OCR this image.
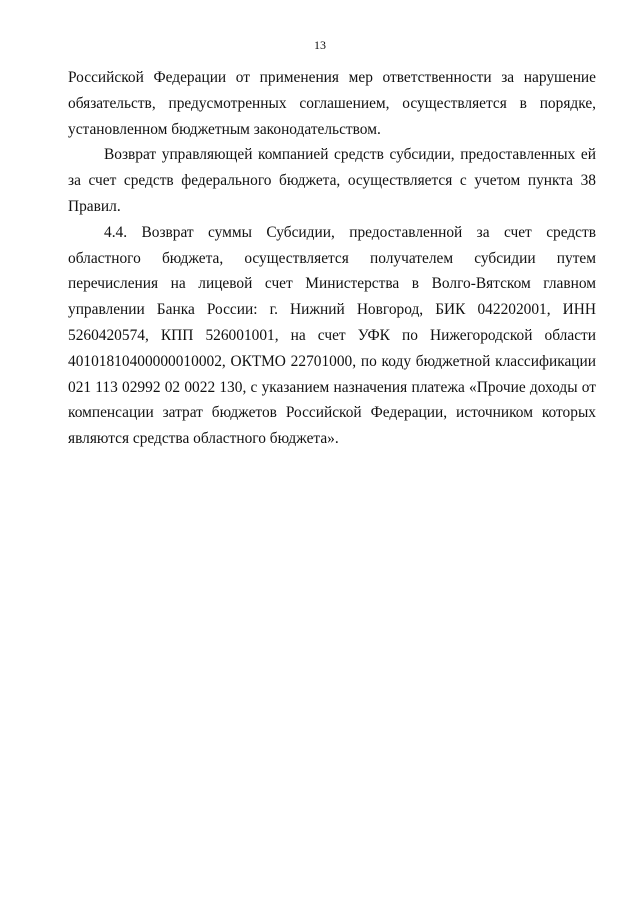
13

Российской Федерации от применения мер ответственности за нарушение обязательств, предусмотренных соглашением, осуществляется в порядке, установленном бюджетным законодательством.

Возврат управляющей компанией средств субсидии, предоставленных ей за счет средств федерального бюджета, осуществляется с учетом пункта 38 Правил.

4.4. Возврат суммы Субсидии, предоставленной за счет средств областного бюджета, осуществляется получателем субсидии путем перечисления на лицевой счет Министерства в Волго-Вятском главном управлении Банка России: г. Нижний Новгород, БИК 042202001, ИНН 5260420574, КПП 526001001, на счет УФК по Нижегородской области 40101810400000010002, ОКТМО 22701000, по коду бюджетной классификации 021 113 02992 02 0022 130, с указанием назначения платежа «Прочие доходы от компенсации затрат бюджетов Российской Федерации, источником которых являются средства областного бюджета».
